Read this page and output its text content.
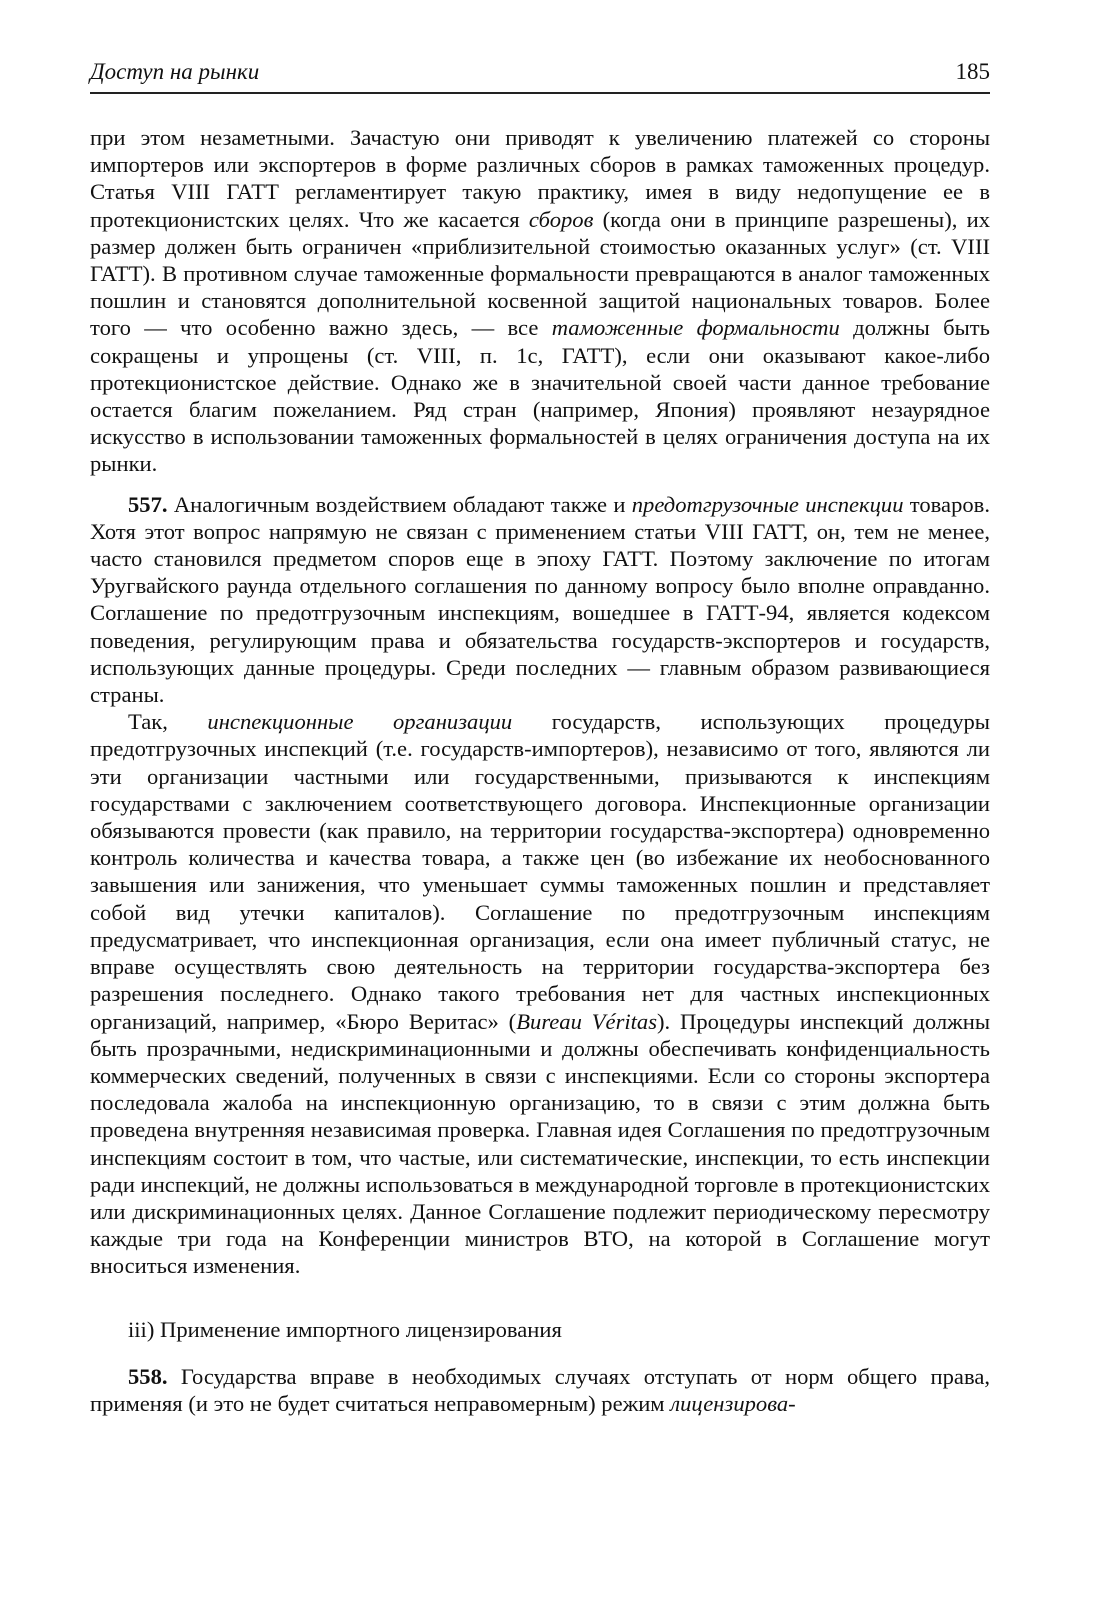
Доступ на рынки	185

при этом незаметными. Зачастую они приводят к увеличению платежей со стороны импортеров или экспортеров в форме различных сборов в рамках таможенных процедур. Статья VIII ГАТТ регламентирует такую практику, имея в виду недопущение ее в протекционистских целях. Что же касается сборов (когда они в принципе разрешены), их размер должен быть ограничен «приблизительной стоимостью оказанных услуг» (ст. VIII ГАТТ). В противном случае таможенные формальности превращаются в аналог таможенных пошлин и становятся дополнительной косвенной защитой национальных товаров. Более того — что особенно важно здесь, — все таможенные формальности должны быть сокращены и упрощены (ст. VIII, п. 1с, ГАТТ), если они оказывают какое-либо протекционистское действие. Однако же в значительной своей части данное требование остается благим пожеланием. Ряд стран (например, Япония) проявляют незаурядное искусство в использовании таможенных формальностей в целях ограничения доступа на их рынки.

557. Аналогичным воздействием обладают также и предотгрузочные инспекции товаров. Хотя этот вопрос напрямую не связан с применением статьи VIII ГАТТ, он, тем не менее, часто становился предметом споров еще в эпоху ГАТТ. Поэтому заключение по итогам Уругвайского раунда отдельного соглашения по данному вопросу было вполне оправданно. Соглашение по предотгрузочным инспекциям, вошедшее в ГАТТ-94, является кодексом поведения, регулирующим права и обязательства государств-экспортеров и государств, использующих данные процедуры. Среди последних — главным образом развивающиеся страны.

Так, инспекционные организации государств, использующих процедуры предотгрузочных инспекций (т.е. государств-импортеров), независимо от того, являются ли эти организации частными или государственными, призываются к инспекциям государствами с заключением соответствующего договора. Инспекционные организации обязываются провести (как правило, на территории государства-экспортера) одновременно контроль количества и качества товара, а также цен (во избежание их необоснованного завышения или занижения, что уменьшает суммы таможенных пошлин и представляет собой вид утечки капиталов). Соглашение по предотгрузочным инспекциям предусматривает, что инспекционная организация, если она имеет публичный статус, не вправе осуществлять свою деятельность на территории государства-экспортера без разрешения последнего. Однако такого требования нет для частных инспекционных организаций, например, «Бюро Веритас» (Bureau Véritas). Процедуры инспекций должны быть прозрачными, недискриминационными и должны обеспечивать конфиденциальность коммерческих сведений, полученных в связи с инспекциями. Если со стороны экспортера последовала жалоба на инспекционную организацию, то в связи с этим должна быть проведена внутренняя независимая проверка. Главная идея Соглашения по предотгрузочным инспекциям состоит в том, что частые, или систематические, инспекции, то есть инспекции ради инспекций, не должны использоваться в международной торговле в протекционистских или дискриминационных целях. Данное Соглашение подлежит периодическому пересмотру каждые три года на Конференции министров ВТО, на которой в Соглашение могут вноситься изменения.

iii) Применение импортного лицензирования

558. Государства вправе в необходимых случаях отступать от норм общего права, применяя (и это не будет считаться неправомерным) режим лицензирова-
